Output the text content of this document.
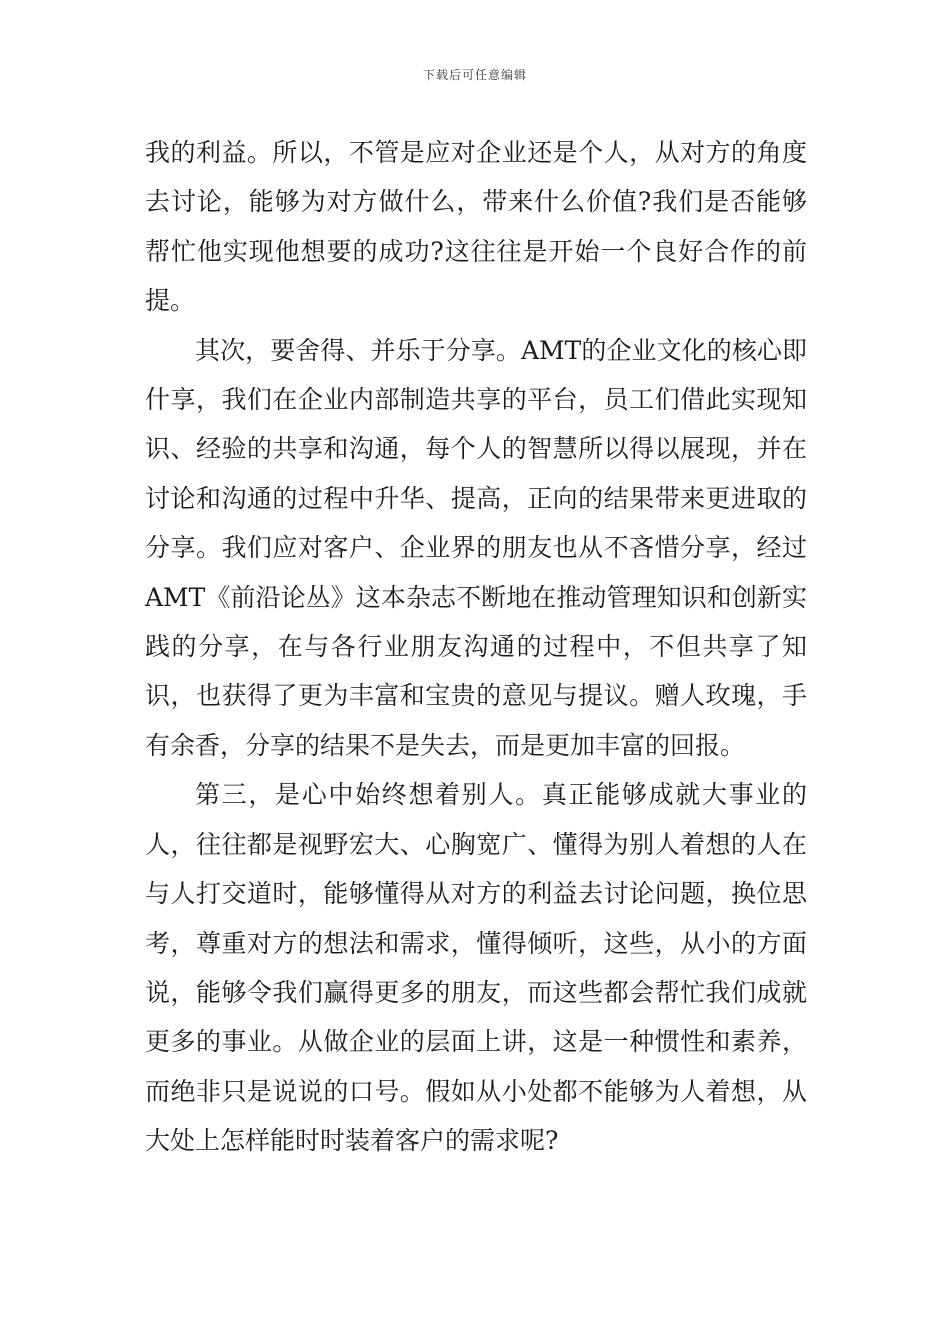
下载后可任意编辑

我的利益。所以，不管是应对企业还是个人，从对方的角度去讨论，能够为对方做什么，带来什么价值?我们是否能够帮忙他实现他想要的成功?这往往是开始一个良好合作的前提。

其次，要舍得、并乐于分享。AMT的企业文化的核心即什享，我们在企业内部制造共享的平台，员工们借此实现知识、经验的共享和沟通，每个人的智慧所以得以展现，并在讨论和沟通的过程中升华、提高，正向的结果带来更进取的分享。我们应对客户、企业界的朋友也从不吝惜分享，经过AMT《前沿论丛》这本杂志不断地在推动管理知识和创新实践的分享，在与各行业朋友沟通的过程中，不但共享了知识，也获得了更为丰富和宝贵的意见与提议。赠人玫瑰，手有余香，分享的结果不是失去，而是更加丰富的回报。

第三，是心中始终想着别人。真正能够成就大事业的人，往往都是视野宏大、心胸宽广、懂得为别人着想的人在与人打交道时，能够懂得从对方的利益去讨论问题，换位思考，尊重对方的想法和需求，懂得倾听，这些，从小的方面说，能够令我们赢得更多的朋友，而这些都会帮忙我们成就更多的事业。从做企业的层面上讲，这是一种惯性和素养，而绝非只是说说的口号。假如从小处都不能够为人着想，从大处上怎样能时时装着客户的需求呢?
